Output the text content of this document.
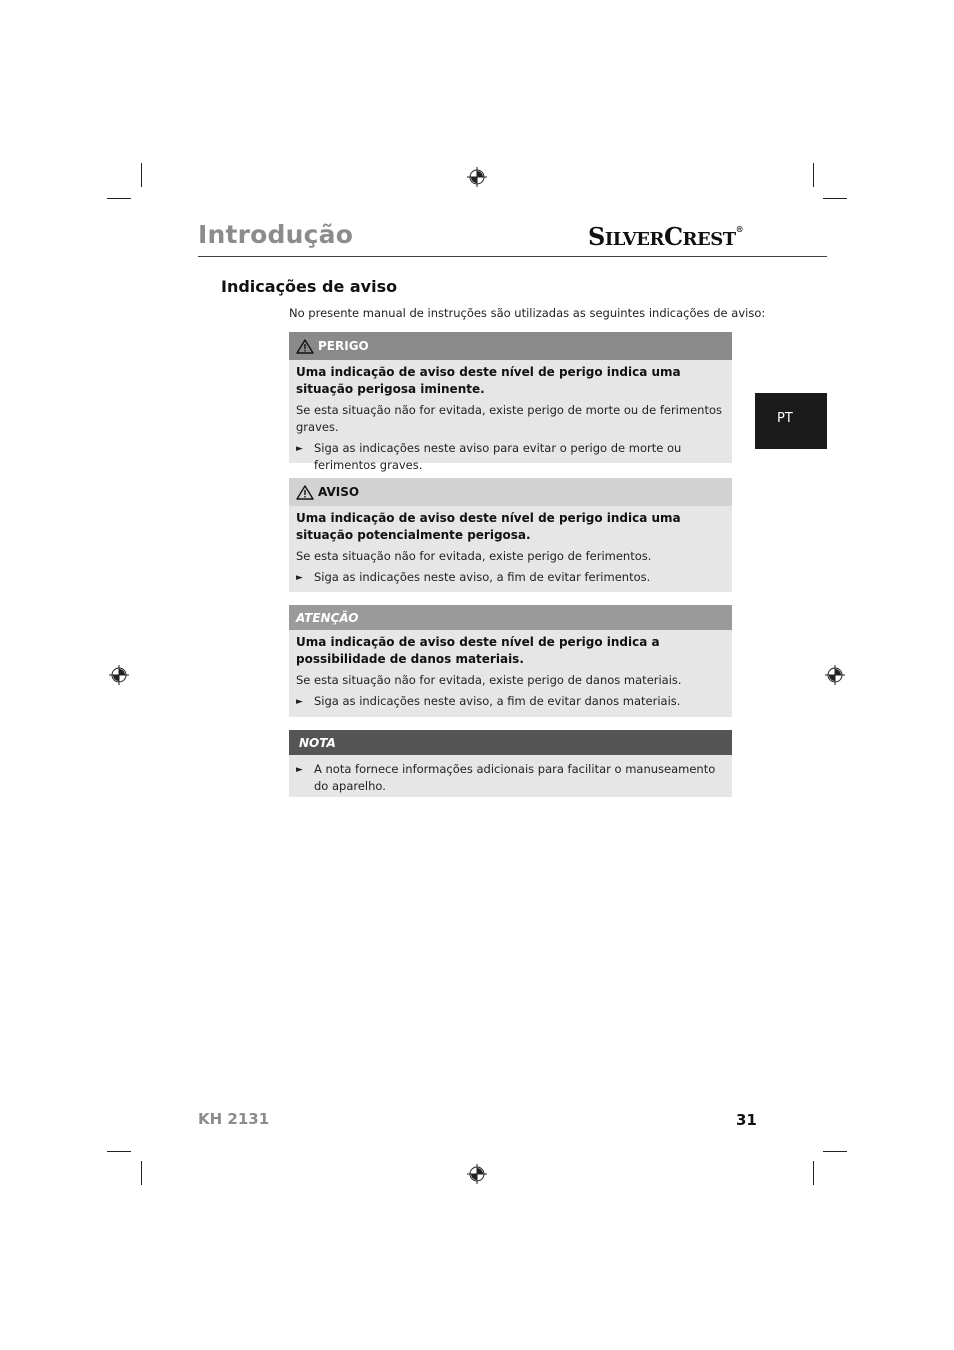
Introdução	SILVERCREST®
Indicações de aviso
No presente manual de instruções são utilizadas as seguintes indicações de aviso:
PT
PERIGO
Uma indicação de aviso deste nível de perigo indica uma situação perigosa iminente.
Se esta situação não for evitada, existe perigo de morte ou de ferimentos graves.
► Siga as indicações neste aviso para evitar o perigo de morte ou ferimentos graves.
AVISO
Uma indicação de aviso deste nível de perigo indica uma situação potencialmente perigosa.
Se esta situação não for evitada, existe perigo de ferimentos.
► Siga as indicações neste aviso, a fim de evitar ferimentos.
ATENÇÃO
Uma indicação de aviso deste nível de perigo indica a possibilidade de danos materiais.
Se esta situação não for evitada, existe perigo de danos materiais.
► Siga as indicações neste aviso, a fim de evitar danos materiais.
NOTA
► A nota fornece informações adicionais para facilitar o manuseamento do aparelho.
KH 2131	31
